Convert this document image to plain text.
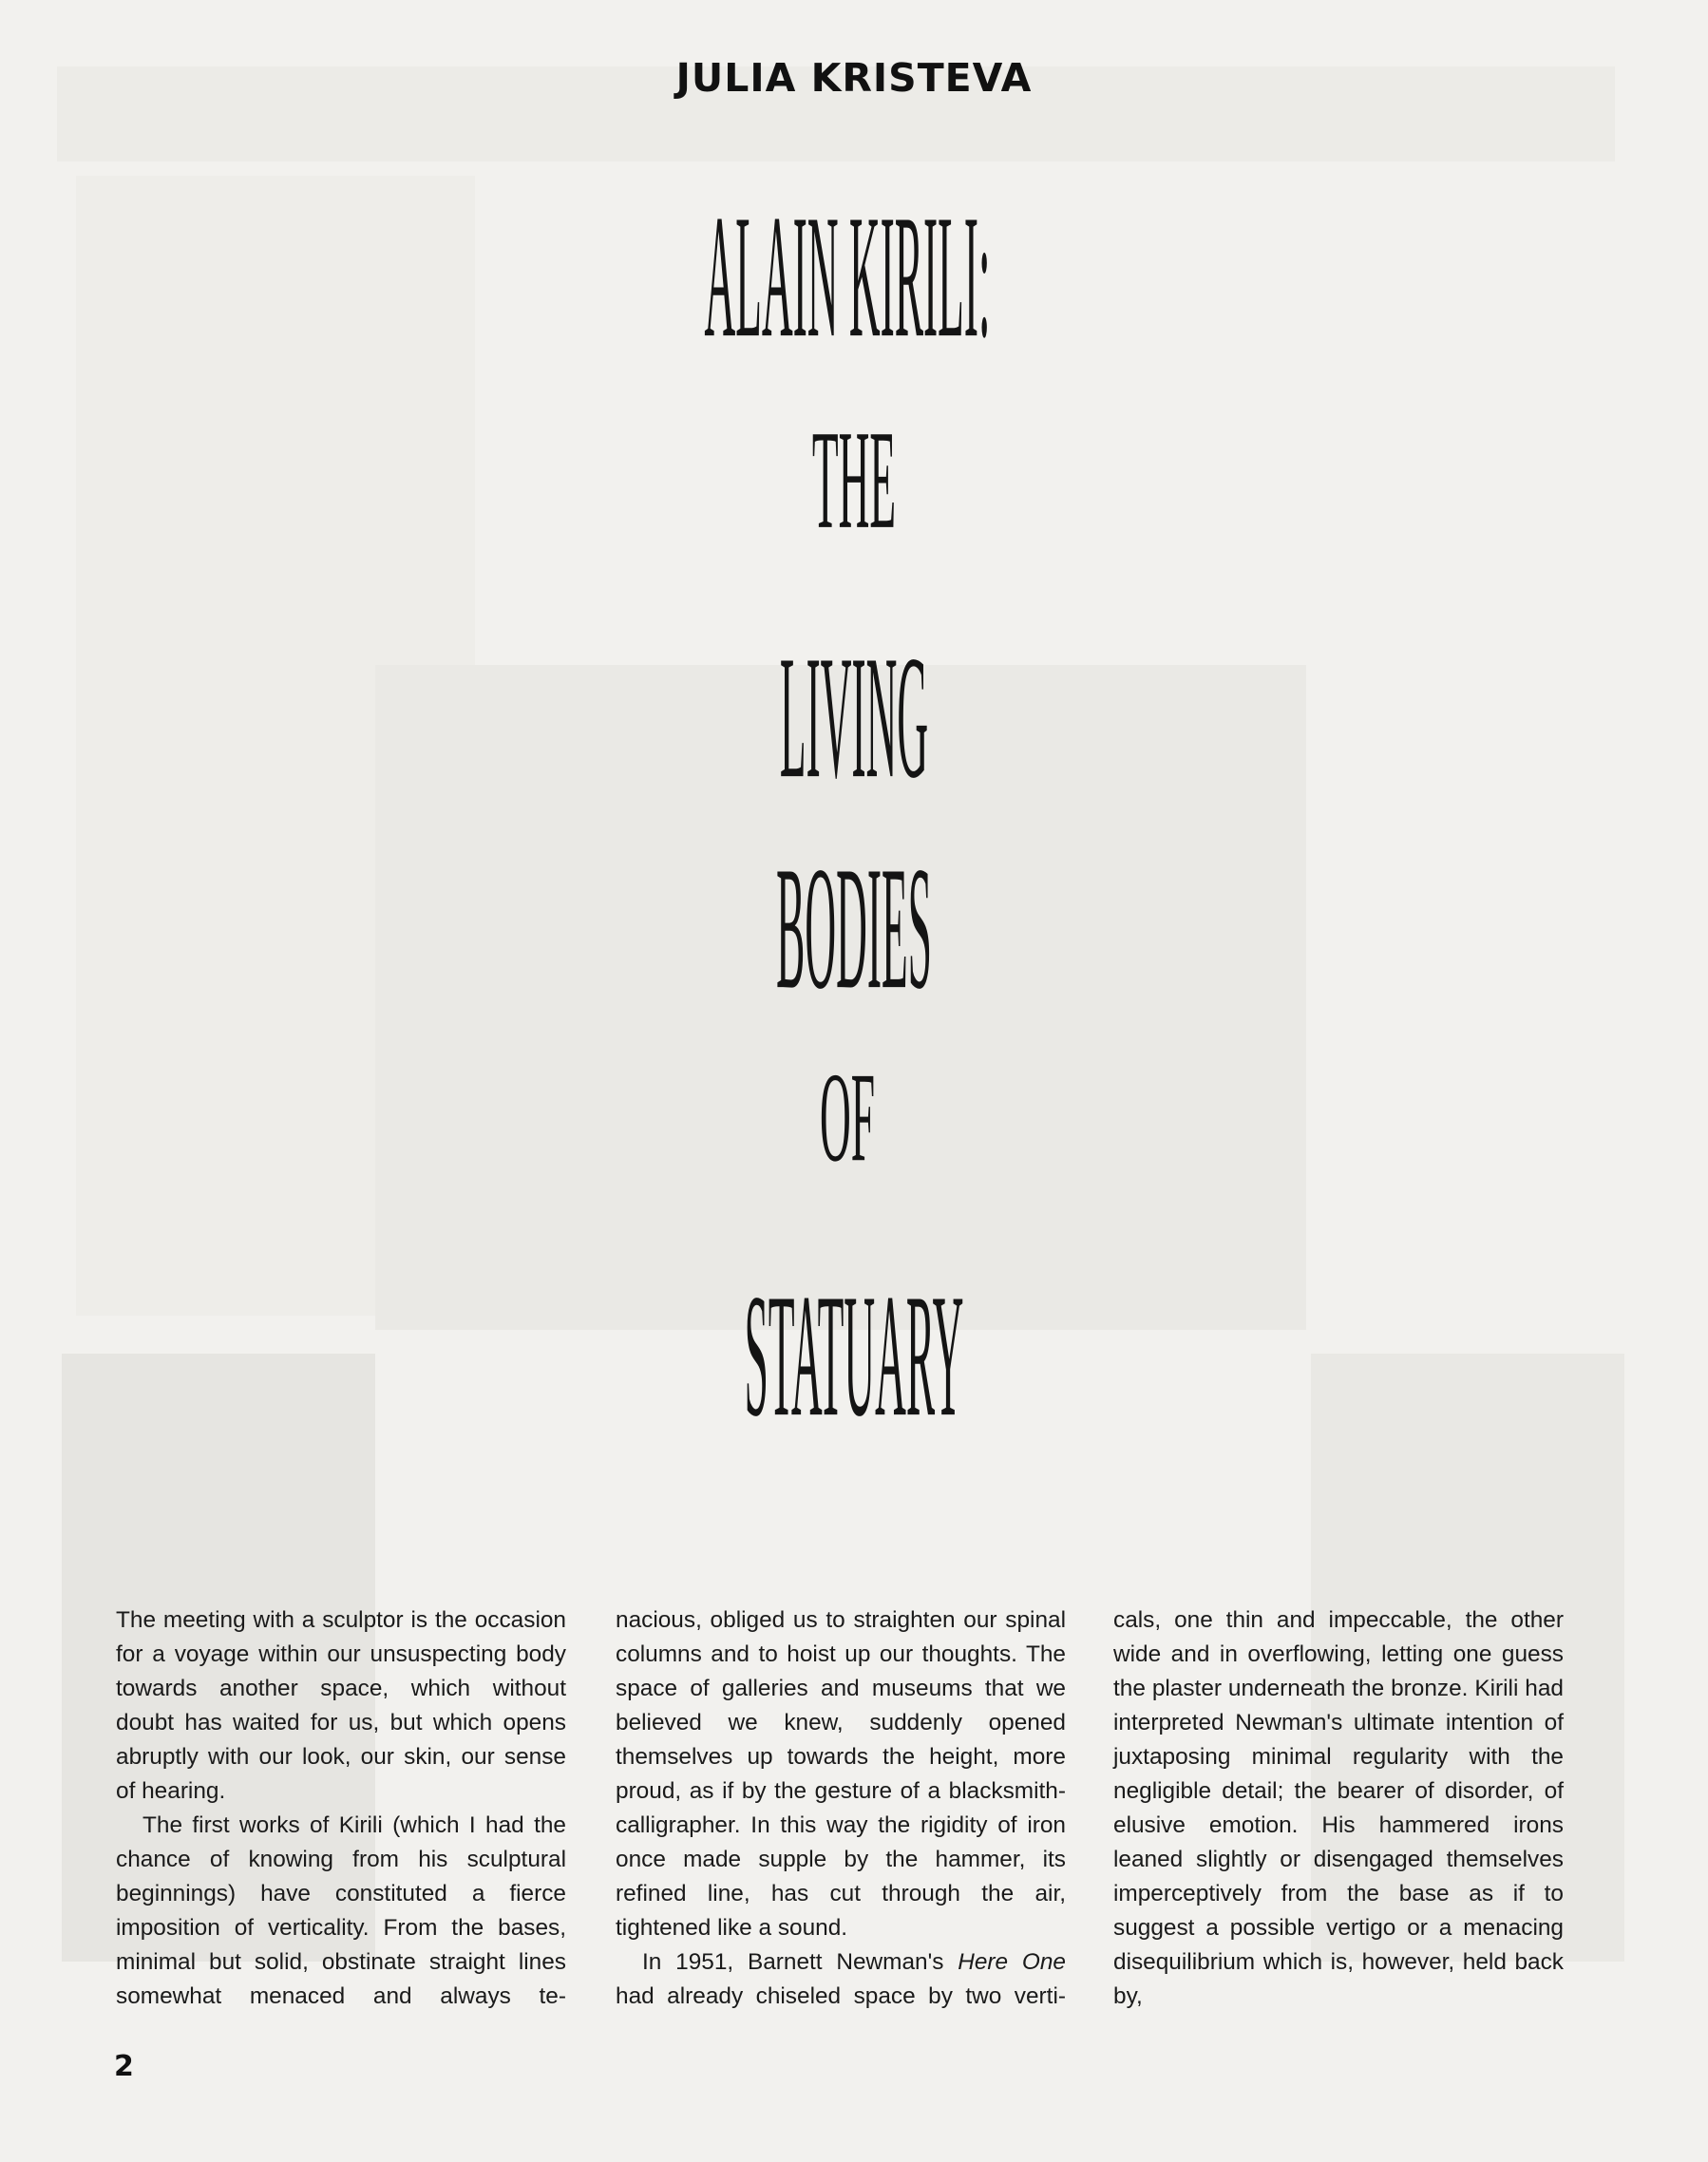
JULIA KRISTEVA
ALAIN KIRILI:
THE
LIVING
BODIES
OF
STATUARY

The meeting with a sculptor is the occasion for a voyage within our unsuspecting body towards another space, which without doubt has waited for us, but which opens abruptly with our look, our skin, our sense of hearing.

The first works of Kirili (which I had the chance of knowing from his sculptural beginnings) have constituted a fierce imposition of verticality. From the bases, minimal but solid, obstinate straight lines somewhat menaced and always te-

nacious, obliged us to straighten our spinal columns and to hoist up our thoughts. The space of galleries and museums that we believed we knew, suddenly opened themselves up towards the height, more proud, as if by the gesture of a blacksmith-calligrapher. In this way the rigidity of iron once made supple by the hammer, its refined line, has cut through the air, tightened like a sound.

In 1951, Barnett Newman's Here One had already chiseled space by two verti-

cals, one thin and impeccable, the other wide and in overflowing, letting one guess the plaster underneath the bronze. Kirili had interpreted Newman's ultimate intention of juxtaposing minimal regularity with the negligible detail; the bearer of disorder, of elusive emotion. His hammered irons leaned slightly or disengaged themselves imperceptively from the base as if to suggest a possible vertigo or a menacing disequilibrium which is, however, held back by,

2
